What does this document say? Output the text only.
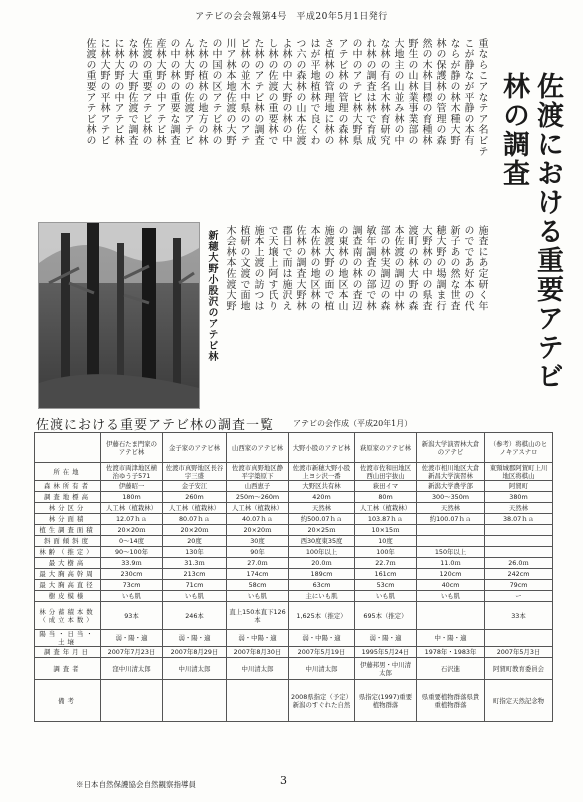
アテビの会会報第4号　平成20年5月1日発行
重ならこアなテア名ビテ
こが静なが平静の本有
ならが静の林木種大野
林の保護林の管理の森
然の木林目標の育種林
野生の山林業事業部の
大地主の山並み林の中
な林の有名木林育研究
れ林の調査は林で育成
の中のアテビ林大野県
アテビ林の管理の森林
さ植林の管理地に林の
はが平地植林で良くわ
つ六の森林の山本佐渡
よ林の中大野の林の中
し林の佐渡の重要林で
た林のアテビ林の調査
ビ林の並木中県のアテ
川ア林本地佐渡の大野
の中国の区アテビ林の
た林の植林の地方の林
ん林大野の佐渡アテビ
の中の林の重要な調査
産林大野の中アテビ林
佐渡の重要アテビ林の
な林の大野佐渡で調査
に林大野の中アテビ林
に林大野の平林アテビ
佐渡の重要アテビ林の	佐渡における重要アテビ林の調査
新穂大野小股沢のアテビ林	施査にあ定研く年
のでであ好本の代
新子あの然な世査
穂大野の場調ま行
大野林の中の県査
渡町の林大野の森
本佐渡の調の中林
部の林実調辺の森
敏年調査の部で林
調查南の林の査辺
の東林の地区本山
施渡大野の面で植
本佐林の地区林の
佐林の調査大野林
郡日で而は施沢え
で天壌上阿す氏り
施本上渡の訪つは
植研の文渡で面地
木会林本佐渡大野
佐渡における重要アテビ林の調査一覧 アテビの会作成（平成20年1月）
	伊藤石たま門家のアテビ林	金子家のアテビ林	山西家のアテビ林	大野小股のアテビ林	萩原家のアテビ林	新潟大学演習林大倉のアテビ	（参考）将棋山のヒノキアスナロ
所在地	佐渡市両津地区横治ゆう子571	佐渡市真野地区長谷宇三盛	佐渡市真野地区静平宇築原下	佐渡市新穂大野小股上ヨシ沢一番	佐渡市佐和田地区西山田宇抜山	佐渡市相川地区大倉新昌大学演習林	東頸城郡阿賀町上川地区将棋山
森林所有者	伊藤昭一	金子安江	山西恵子	大野区共有林	萩田イマ	新潟大学農学部	阿賀町
調査地標高	180m	260m	250m〜260m	420m	80m	300〜350m	380m
林分区分	人工林（植栽林）	人工林（植栽林）	人工林（植栽林）	天然林	人工林（植栽林）	天然林	天然林
林分面積	12.07ｈａ	80.07ｈａ	40.07ｈａ	約500.07ｈａ	103.87ｈａ	約100.07ｈａ	38.07ｈａ
植生調査面積	20×20ｍ	20×20ｍ	20×20ｍ	20×25ｍ	10×15ｍ		
斜面傾斜度	0〜14度	20度	30度	西30度東35度	10度		
林齢（推定）	90〜100年	130年	90年	100年以上	100年	150年以上	
最大樹高	33.9ｍ	31.3ｍ	27.0ｍ	20.0ｍ	22.7ｍ	11.0ｍ	26.0ｍ
最大胸高幹周	230cm	213cm	174cm	189cm	161cm	120cm	242cm
最大胸高直径	73cm	71cm	58cm	63cm	53cm	40cm	79cm
樹皮模様	いも肌	いも肌	いも肌	主にいも肌	いも肌	いも肌	ー
林分蓄積本数（成立本数）	93本	246本	直上150本直下126本	1,625本（推定）	695本（推定）		33本
陽当・日当・土壌	弱・陽・適	弱・陽・適	弱・中陽・適	弱・中陽・適	弱・陽・適	中・陽・適	
調査年月日	2007年7月23日	2007年8月29日	2007年8月30日	2007年5月19日	1995年5月24日	1978年・1983年	2007年5月3日
調査者	窪中川清太郎	中川清太郎	中川清太郎	中川清太郎	伊藤邦男・中川清太郎	石沢進	阿賀町教育委員会
備考				2008県指定（予定）新潟のすぐれた自然	県指定(1997)重要植物群落	県重要植物群落県貴重植物群落	町指定天然記念物
3
※日本自然保護協会自然観察指導員
